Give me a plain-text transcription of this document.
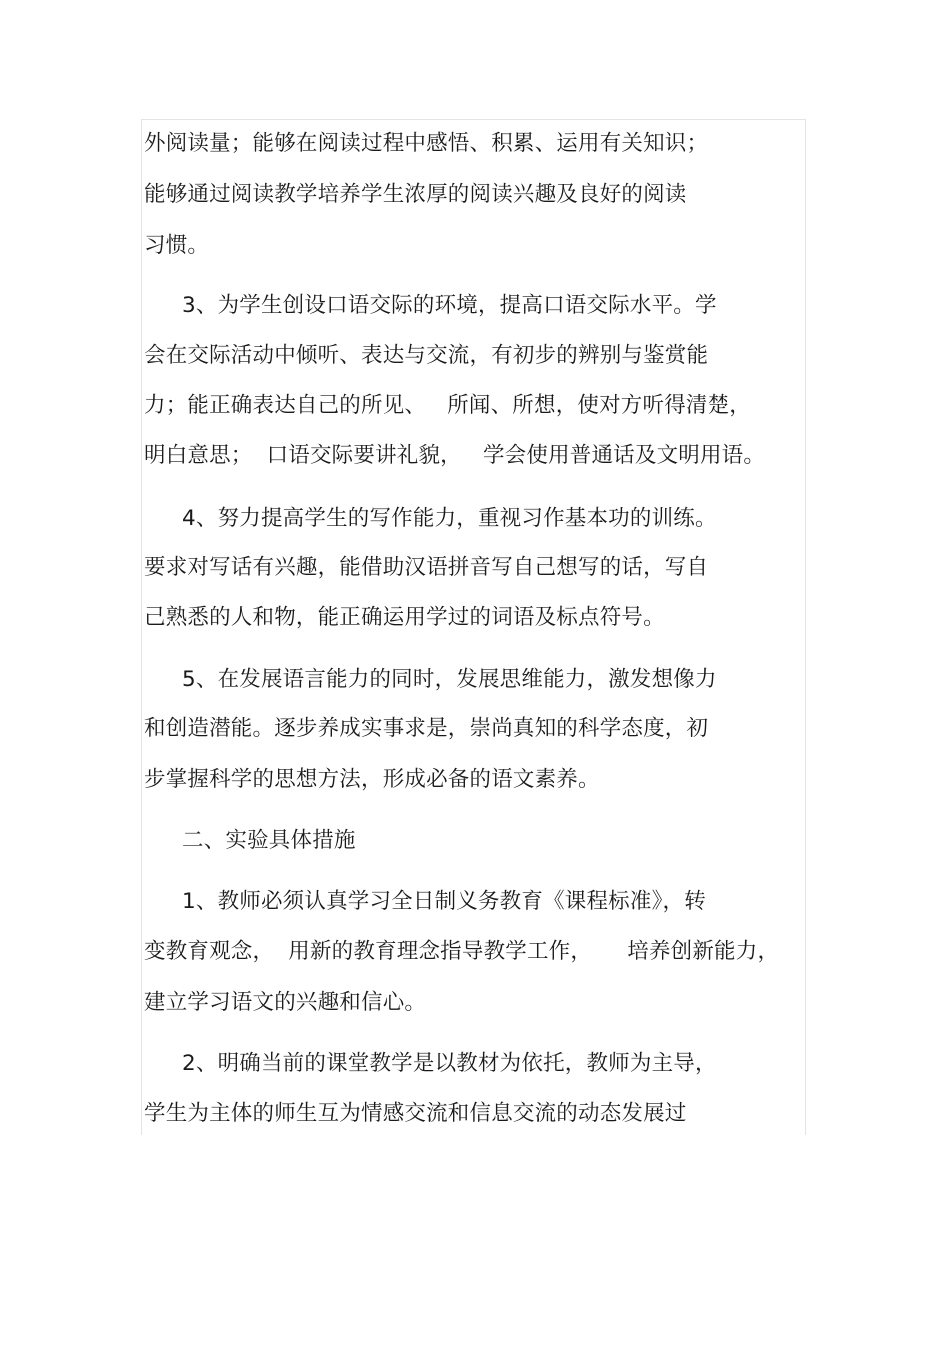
外阅读量；能够在阅读过程中感悟、积累、运用有关知识；
能够通过阅读教学培养学生浓厚的阅读兴趣及良好的阅读
习惯。
3、为学生创设口语交际的环境，提高口语交际水平。学
会在交际活动中倾听、表达与交流，有初步的辨别与鉴赏能
力；能正确表达自己的所见、   所闻、所想，使对方听得清楚，
明白意思；  口语交际要讲礼貌，   学会使用普通话及文明用语。
4、努力提高学生的写作能力，重视习作基本功的训练。
要求对写话有兴趣，能借助汉语拼音写自己想写的话，写自
己熟悉的人和物，能正确运用学过的词语及标点符号。
5、在发展语言能力的同时，发展思维能力，激发想像力
和创造潜能。逐步养成实事求是，崇尚真知的科学态度，初
步掌握科学的思想方法，形成必备的语文素养。
二、实验具体措施
1、教师必须认真学习全日制义务教育《课程标准》，转
变教育观念，  用新的教育理念指导教学工作，     培养创新能力，
建立学习语文的兴趣和信心。
2、明确当前的课堂教学是以教材为依托，教师为主导，
学生为主体的师生互为情感交流和信息交流的动态发展过
